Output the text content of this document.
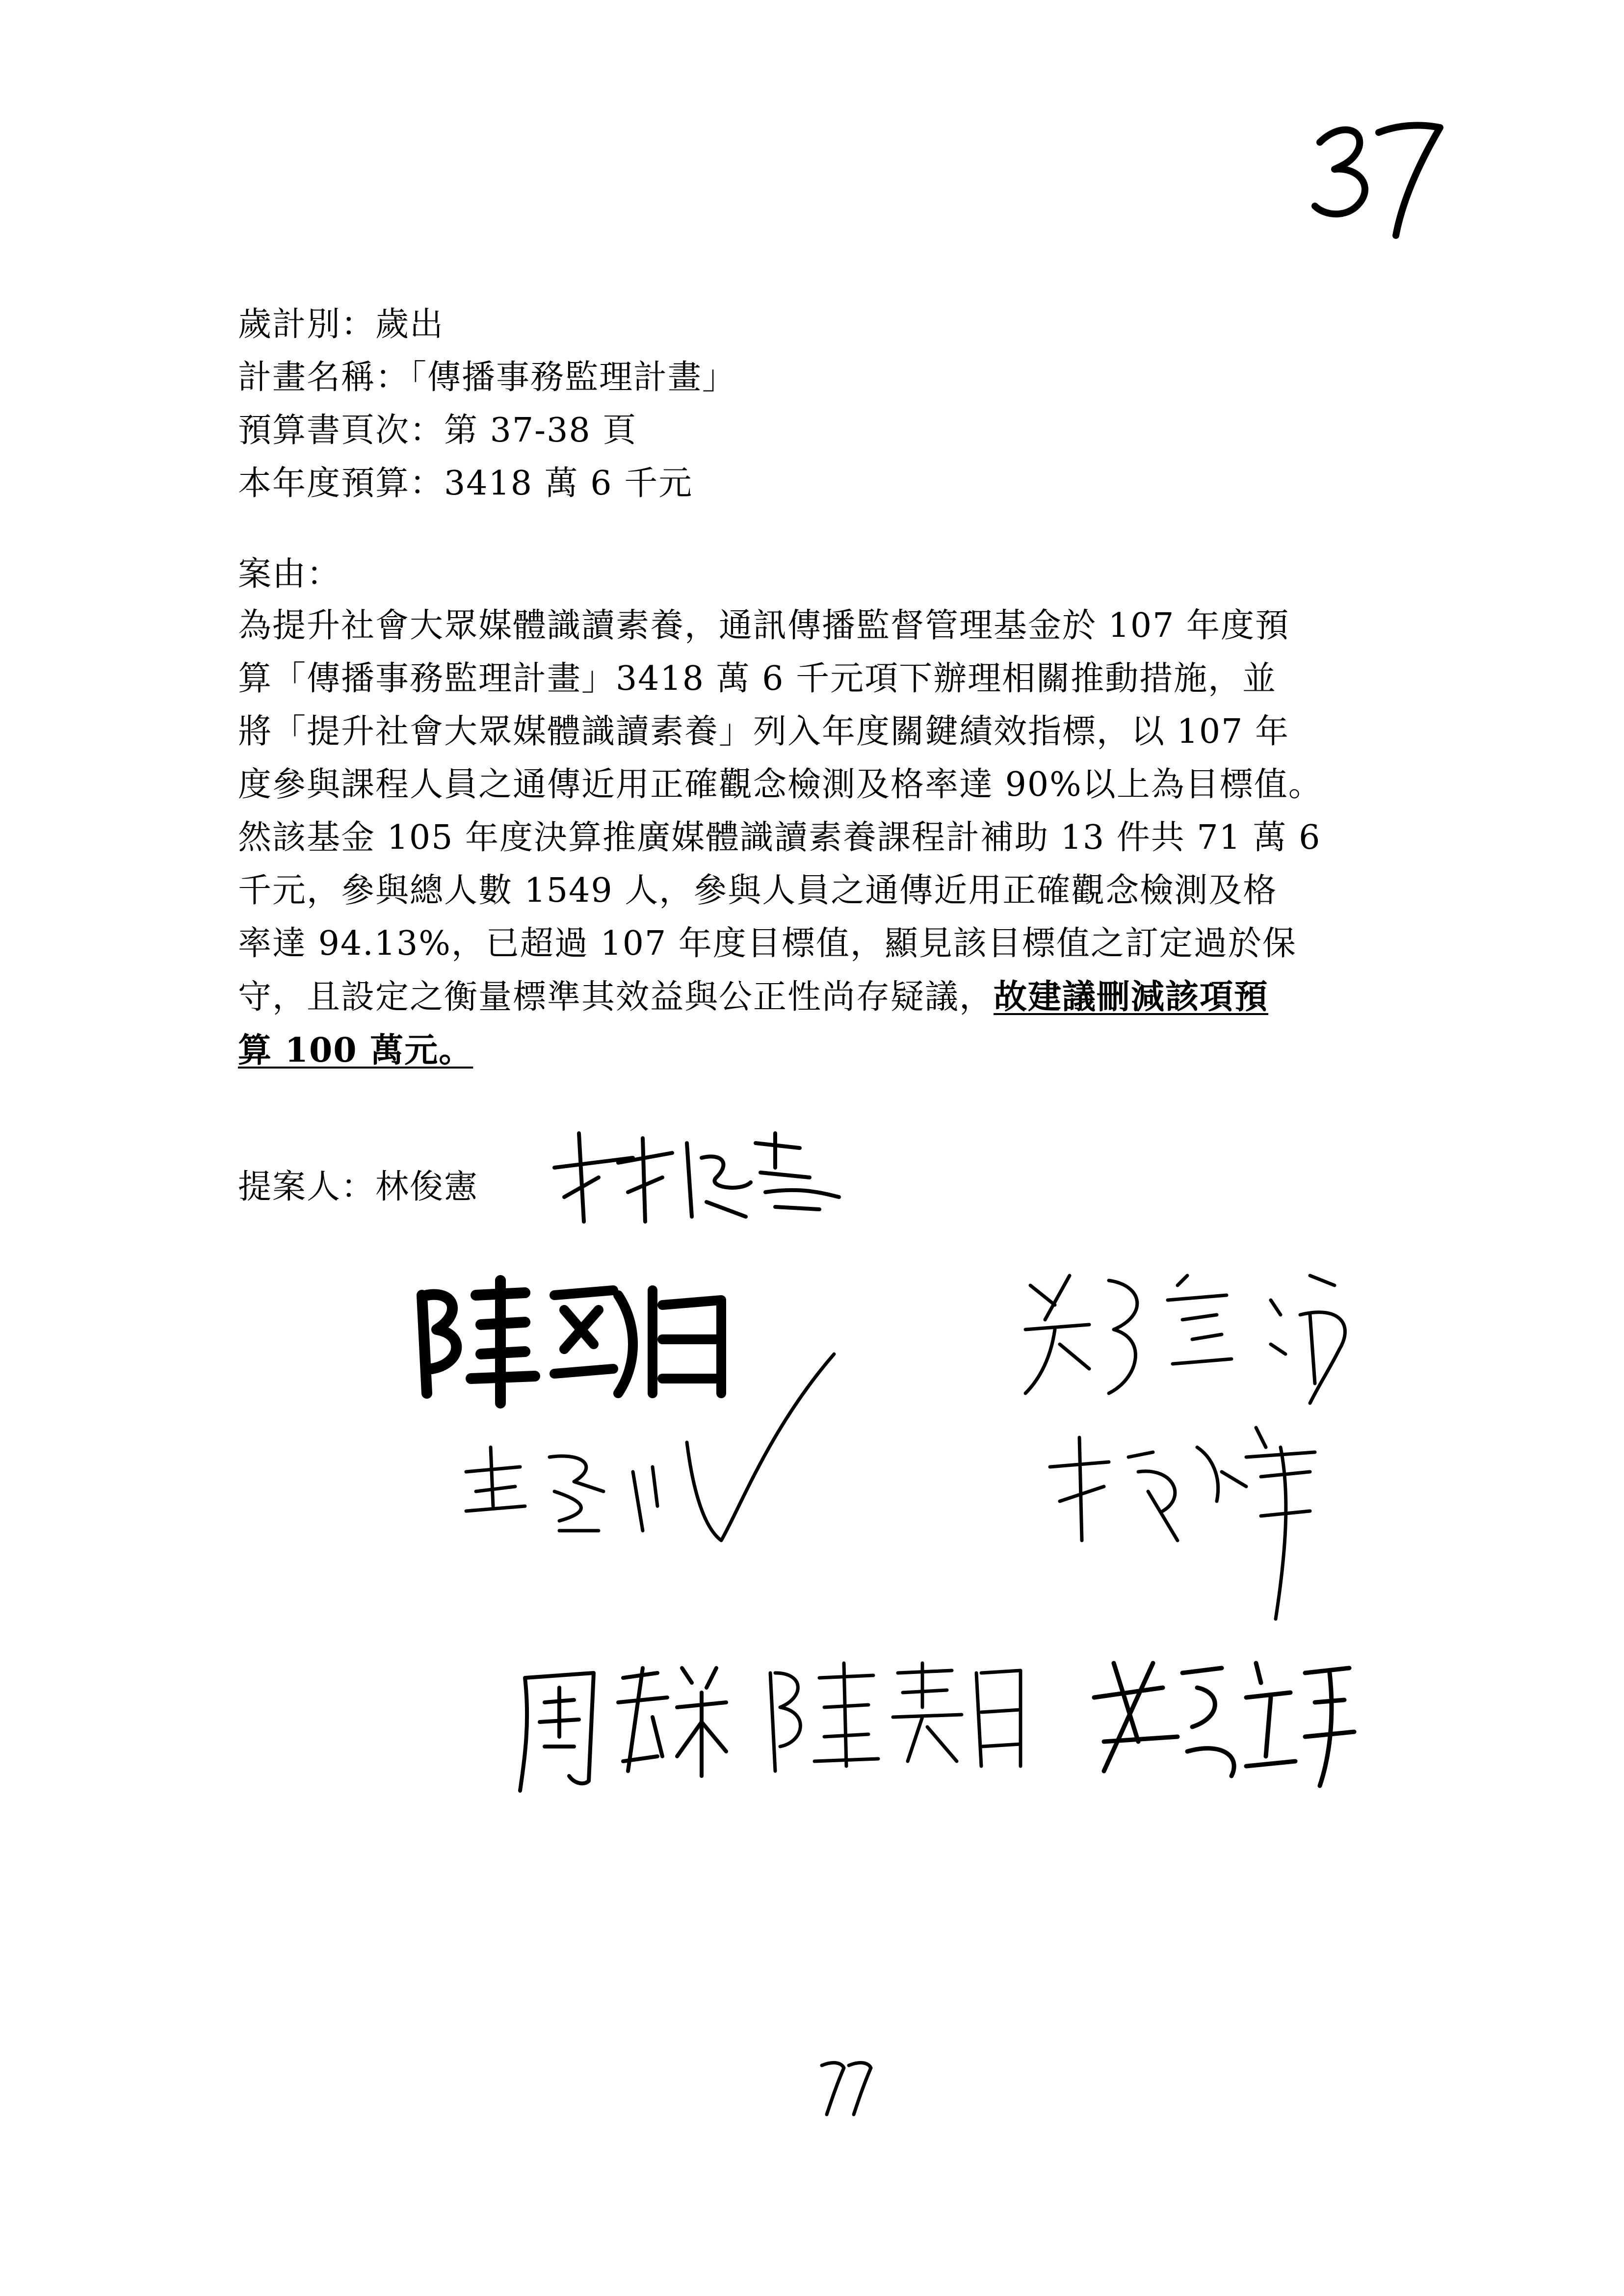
歲計別：歲出
計畫名稱：「傳播事務監理計畫」
預算書頁次：第 37-38 頁
本年度預算：3418 萬 6 千元
案由：
為提升社會大眾媒體識讀素養，通訊傳播監督管理基金於 107 年度預
算「傳播事務監理計畫」3418 萬 6 千元項下辦理相關推動措施，並
將「提升社會大眾媒體識讀素養」列入年度關鍵績效指標，以 107 年
度參與課程人員之通傳近用正確觀念檢測及格率達 90%以上為目標值。
然該基金 105 年度決算推廣媒體識讀素養課程計補助 13 件共 71 萬 6
千元，參與總人數 1549 人，參與人員之通傳近用正確觀念檢測及格
率達 94.13%，已超過 107 年度目標值，顯見該目標值之訂定過於保
守，且設定之衡量標準其效益與公正性尚存疑議，故建議刪減該項預
算 100 萬元。
提案人：林俊憲
